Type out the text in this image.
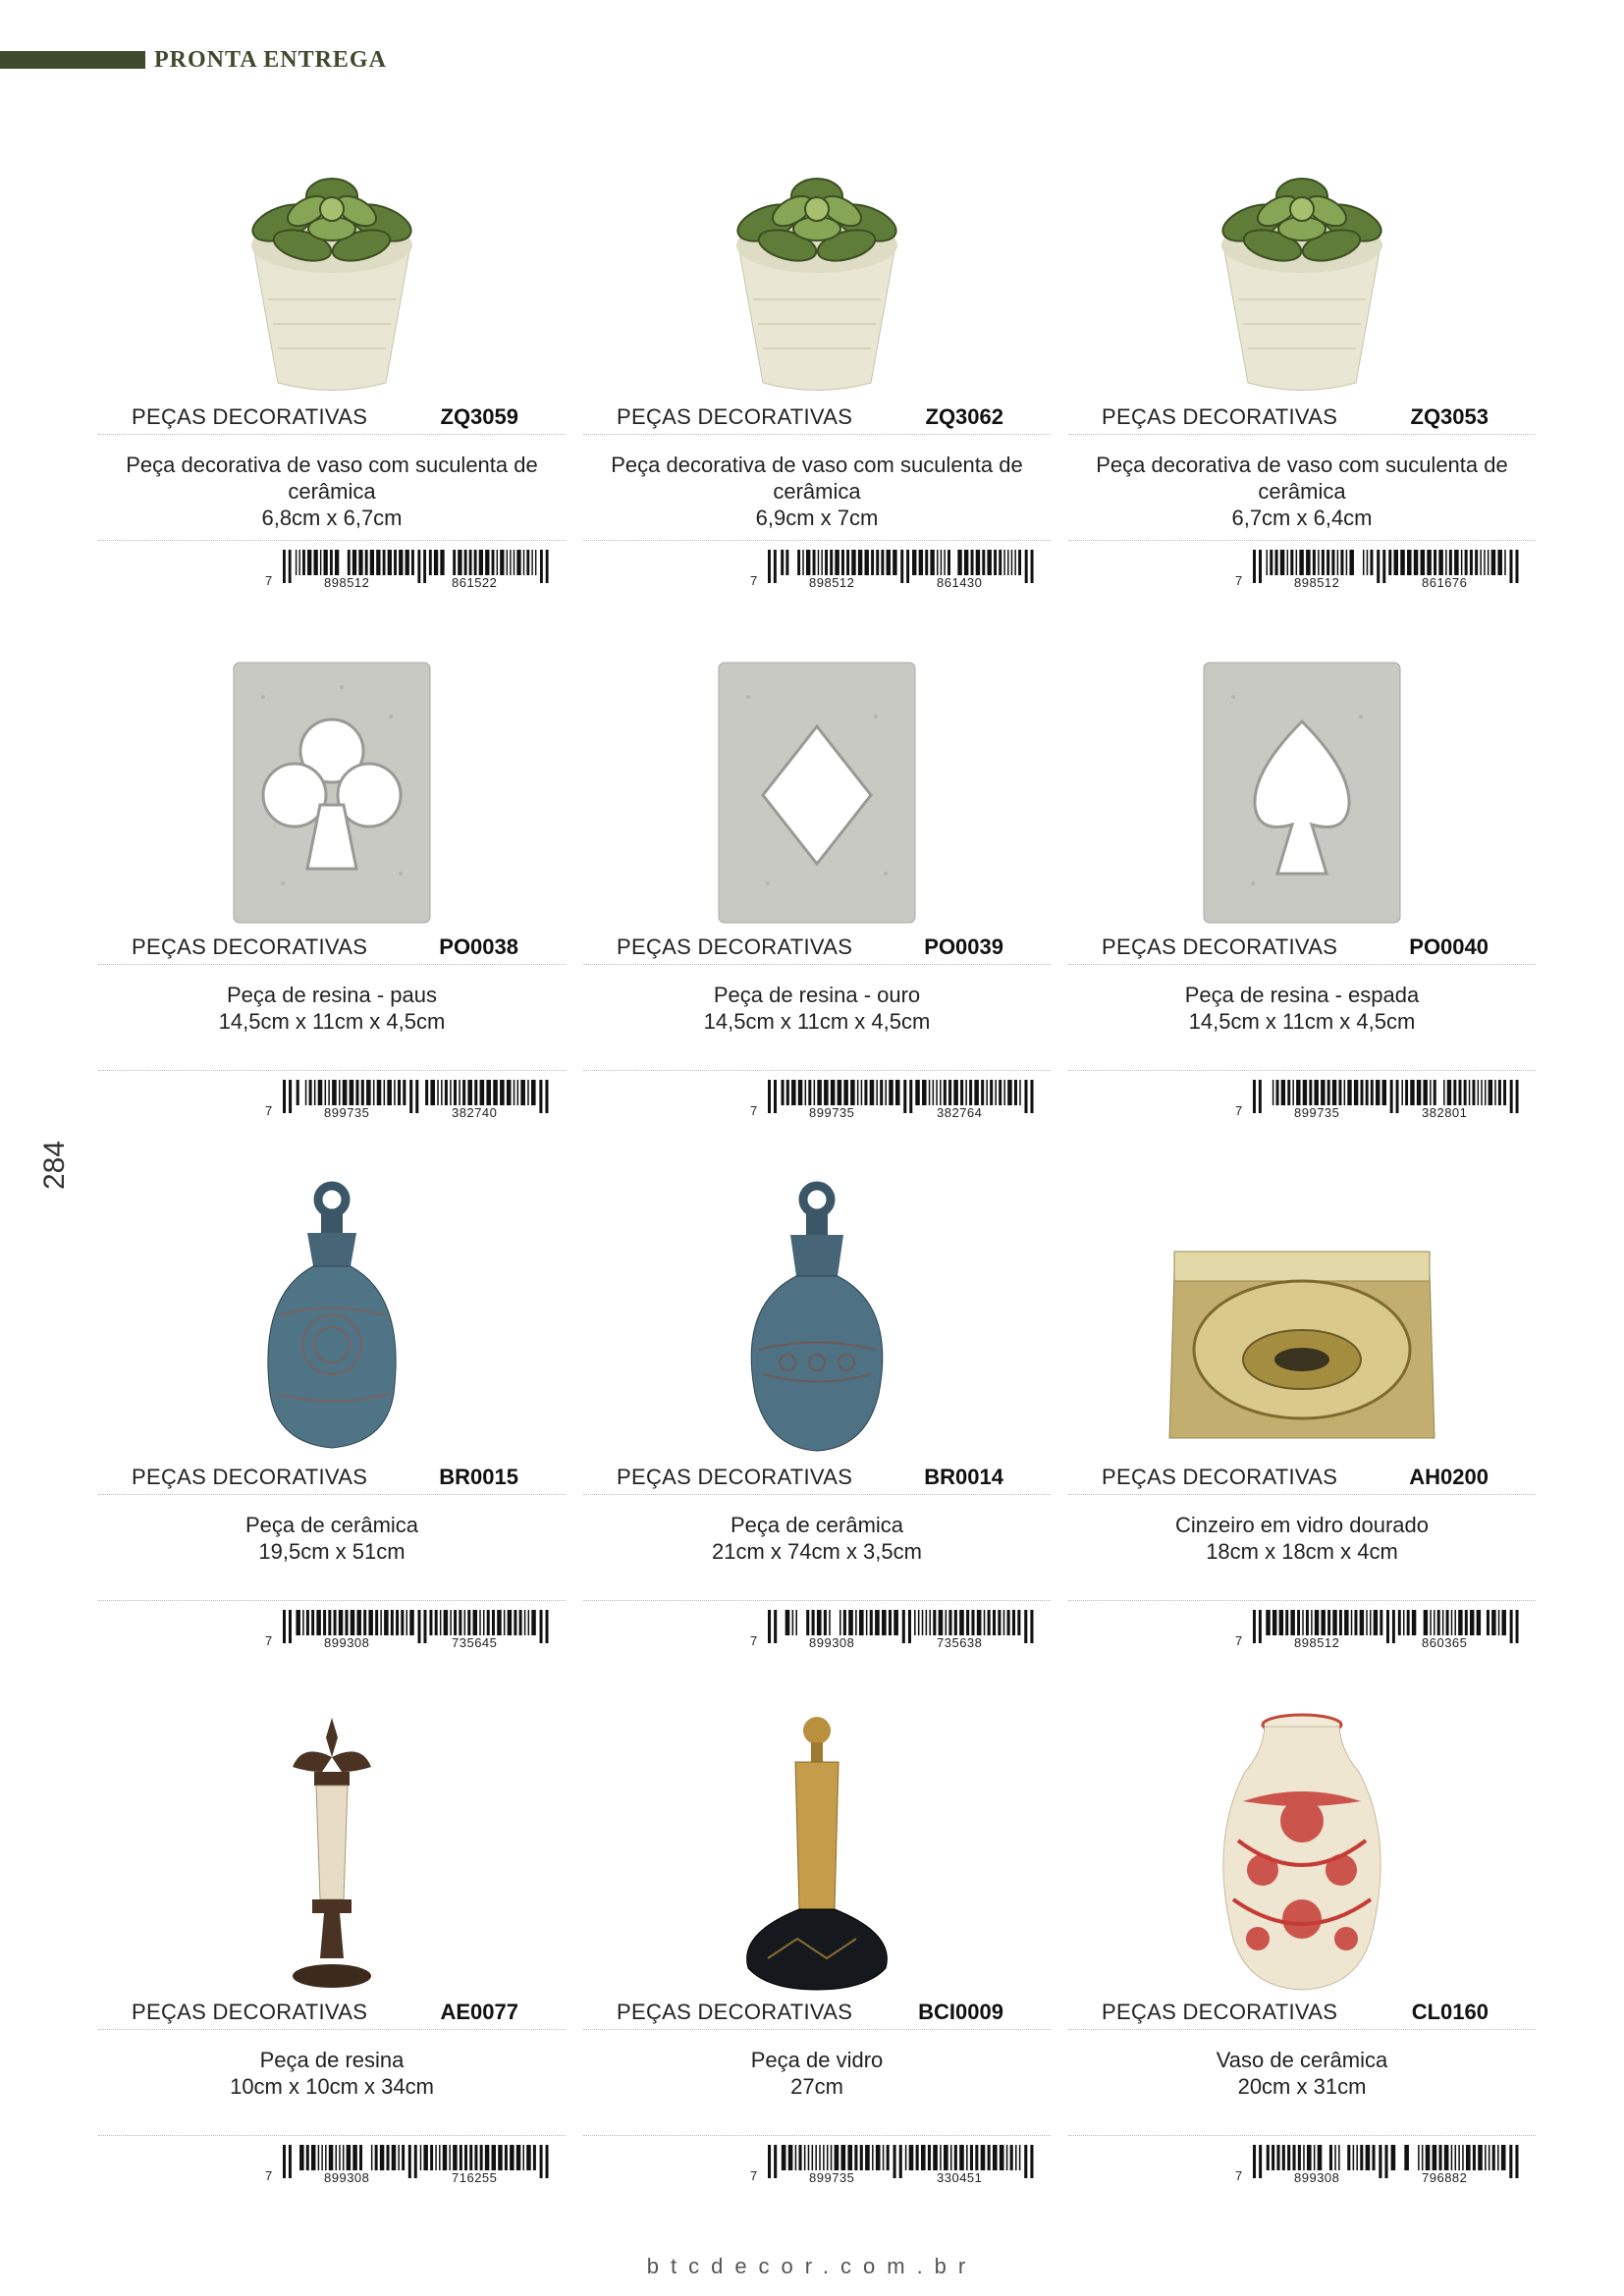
PRONTA ENTREGA
284
btcdecor.com.br
PEÇAS DECORATIVAS	ZQ3059
Peça decorativa de vaso com suculenta de
cerâmica
6,8cm x 6,7cm
7	898512	861522
PEÇAS DECORATIVAS	ZQ3062
Peça decorativa de vaso com suculenta de
cerâmica
6,9cm x 7cm
7	898512	861430
PEÇAS DECORATIVAS	ZQ3053
Peça decorativa de vaso com suculenta de
cerâmica
6,7cm x 6,4cm
7	898512	861676
PEÇAS DECORATIVAS	PO0038
Peça de resina - paus
14,5cm x 11cm x 4,5cm
7	899735	382740
PEÇAS DECORATIVAS	PO0039
Peça de resina - ouro
14,5cm x 11cm x 4,5cm
7	899735	382764
PEÇAS DECORATIVAS	PO0040
Peça de resina - espada
14,5cm x 11cm x 4,5cm
7	899735	382801
PEÇAS DECORATIVAS	BR0015
Peça de cerâmica
19,5cm x 51cm
7	899308	735645
PEÇAS DECORATIVAS	BR0014
Peça de cerâmica
21cm x 74cm x 3,5cm
7	899308	735638
PEÇAS DECORATIVAS	AH0200
Cinzeiro em vidro dourado
18cm x 18cm x 4cm
7	898512	860365
PEÇAS DECORATIVAS	AE0077
Peça de resina
10cm x 10cm x 34cm
7	899308	716255
PEÇAS DECORATIVAS	BCI0009
Peça de vidro
27cm
7	899735	330451
PEÇAS DECORATIVAS	CL0160
Vaso de cerâmica
20cm x 31cm
7	899308	796882
